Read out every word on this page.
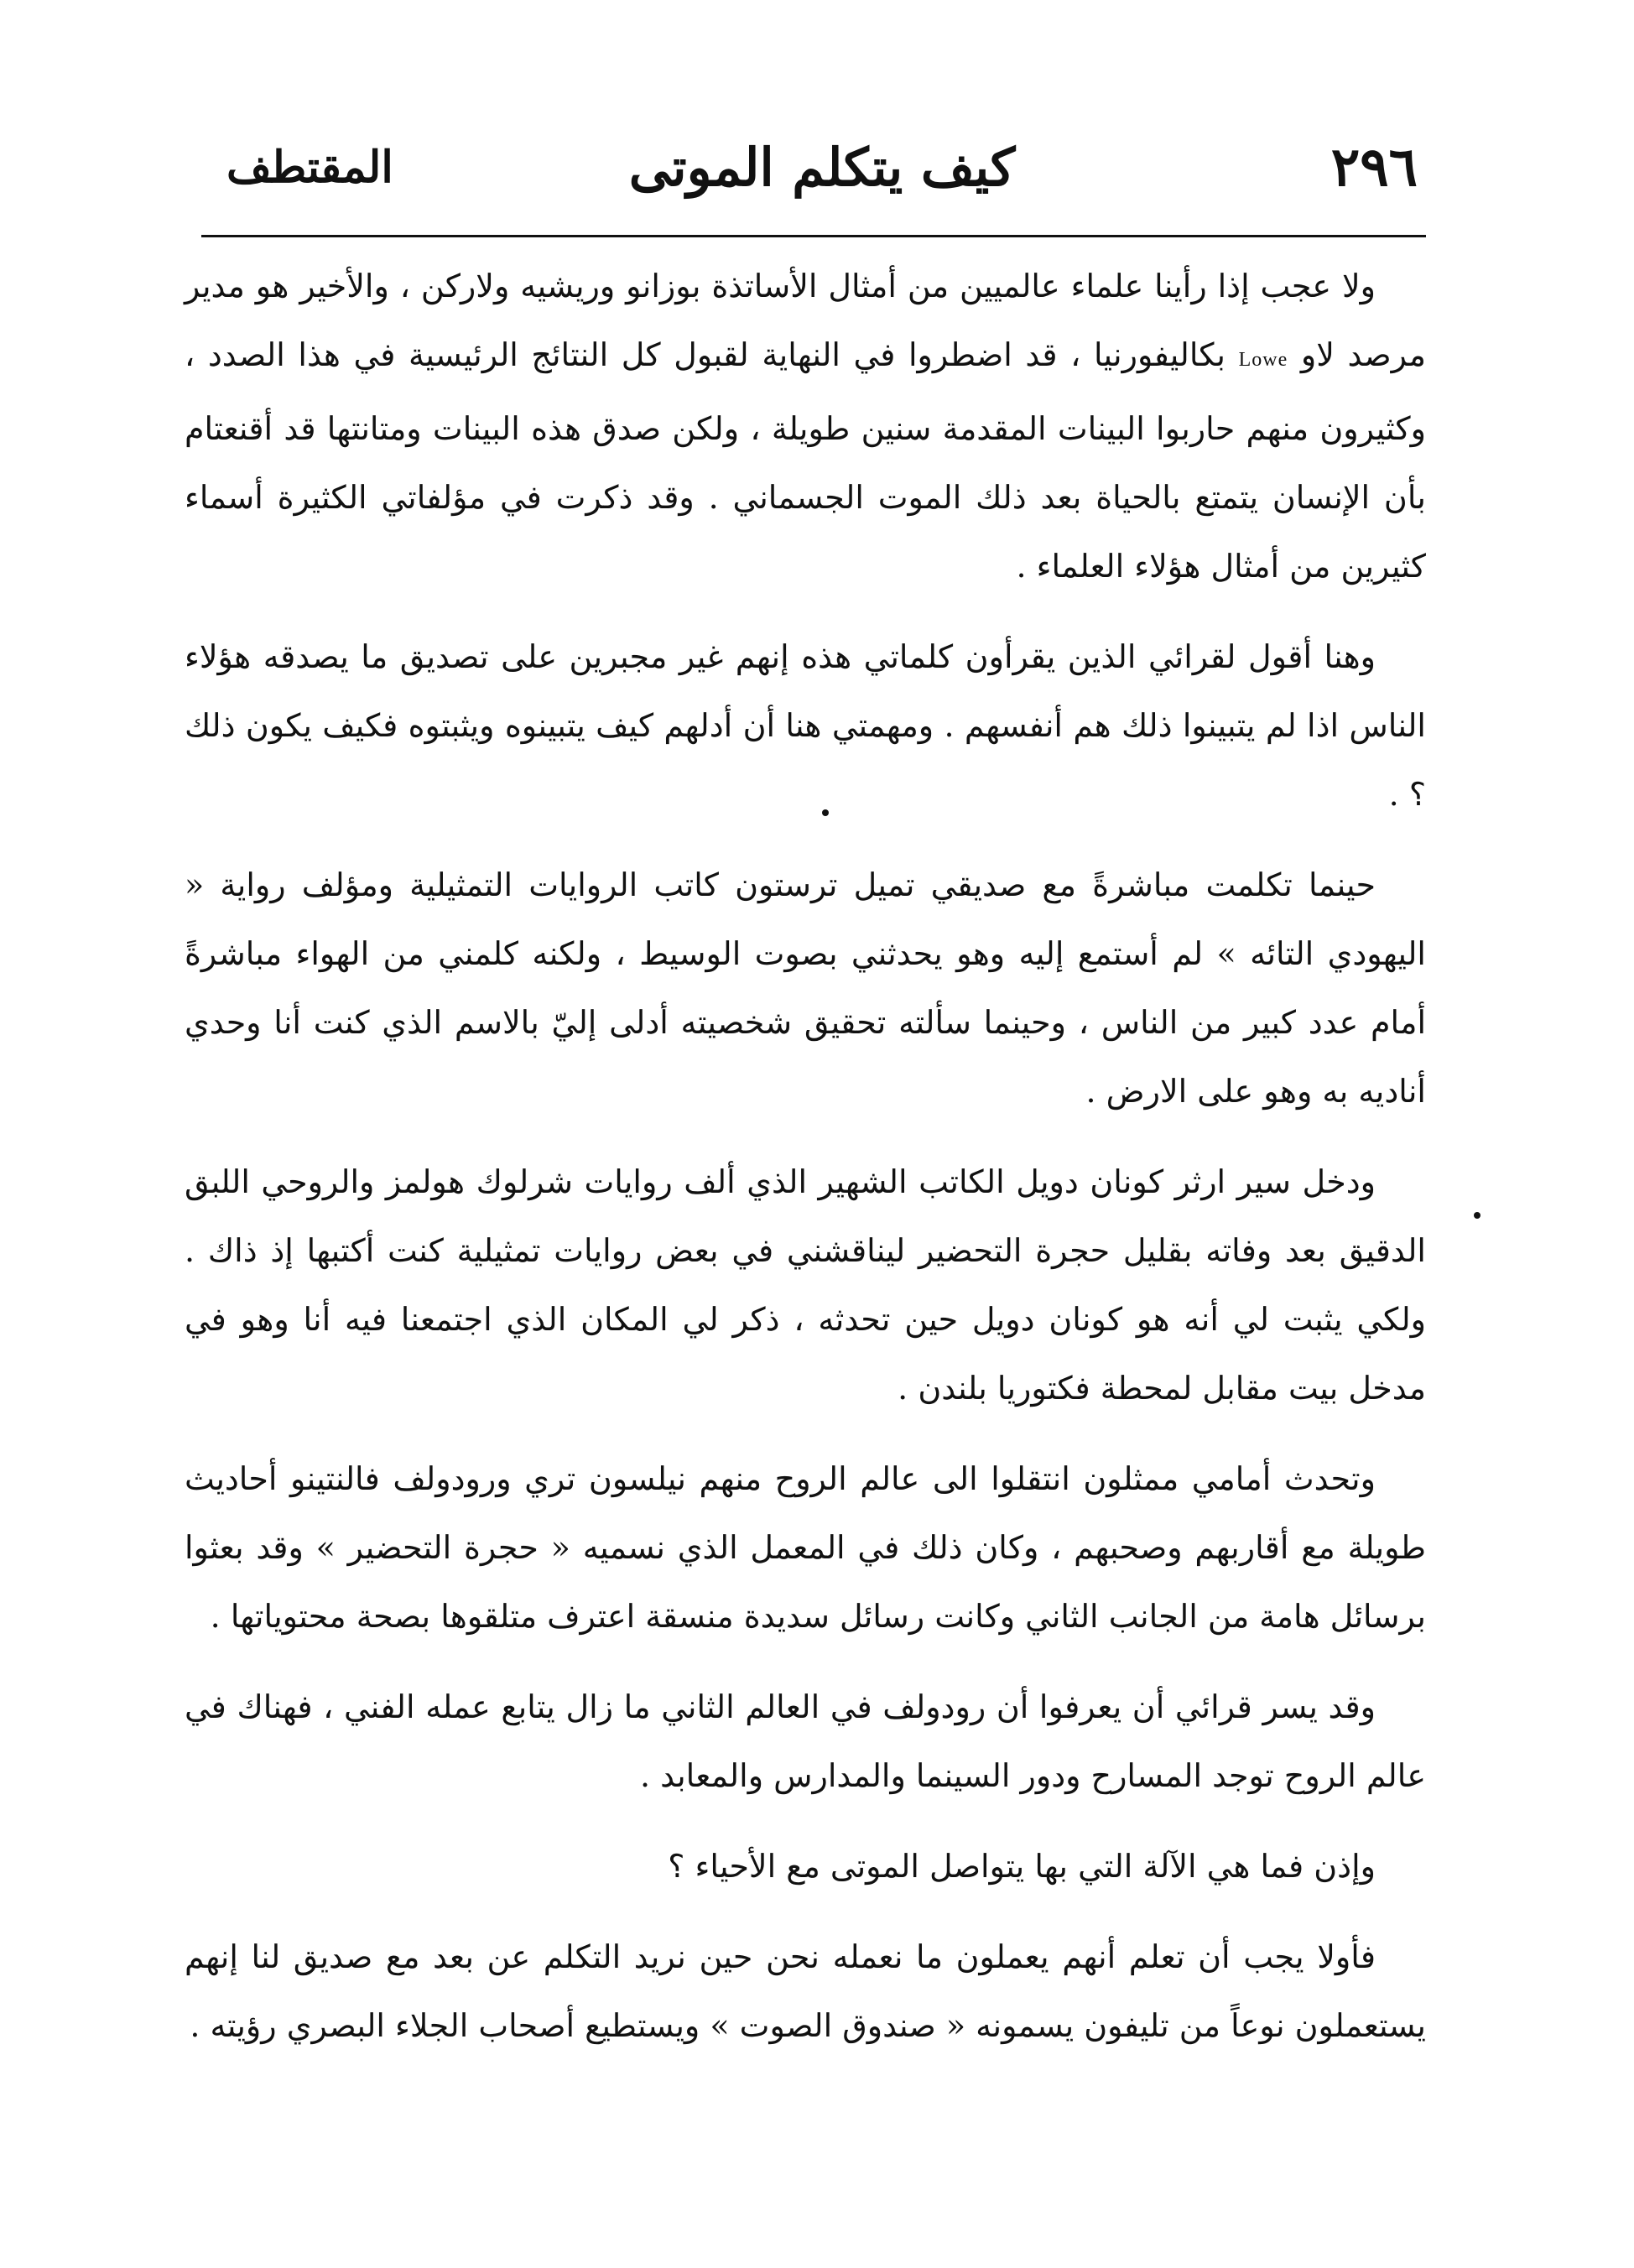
٢٩٦
كيف يتكلم الموتى
المقتطف

ولا عجب إذا رأينا علماء عالميين من أمثال الأساتذة بوزانو وريشيه ولاركن ، والأخير هو مدير مرصد لاو Lowe بكاليفورنيا ، قد اضطروا في النهاية لقبول كل النتائج الرئيسية في هذا الصدد ، وكثيرون منهم حاربوا البينات المقدمة سنين طويلة ، ولكن صدق هذه البينات ومتانتها قد أقنعتام بأن الإنسان يتمتع بالحياة بعد ذلك الموت الجسماني . وقد ذكرت في مؤلفاتي الكثيرة أسماء كثيرين من أمثال هؤلاء العلماء .

وهنا أقول لقرائي الذين يقرأون كلماتي هذه إنهم غير مجبرين على تصديق ما يصدقه هؤلاء الناس اذا لم يتبينوا ذلك هم أنفسهم . ومهمتي هنا أن أدلهم كيف يتبينوه ويثبتوه فكيف يكون ذلك ؟ .

حينما تكلمت مباشرةً مع صديقي تميل ترستون كاتب الروايات التمثيلية ومؤلف رواية « اليهودي التائه » لم أستمع إليه وهو يحدثني بصوت الوسيط ، ولكنه كلمني من الهواء مباشرةً أمام عدد كبير من الناس ، وحينما سألته تحقيق شخصيته أدلى إليّ بالاسم الذي كنت أنا وحدي أناديه به وهو على الارض .

ودخل سير ارثر كونان دويل الكاتب الشهير الذي ألف روايات شرلوك هولمز والروحي اللبق الدقيق بعد وفاته بقليل حجرة التحضير ليناقشني في بعض روايات تمثيلية كنت أكتبها إذ ذاك . ولكي يثبت لي أنه هو كونان دويل حين تحدثه ، ذكر لي المكان الذي اجتمعنا فيه أنا وهو في مدخل بيت مقابل لمحطة فكتوريا بلندن .

وتحدث أمامي ممثلون انتقلوا الى عالم الروح منهم نيلسون تري ورودولف فالنتينو أحاديث طويلة مع أقاربهم وصحبهم ، وكان ذلك في المعمل الذي نسميه « حجرة التحضير » وقد بعثوا برسائل هامة من الجانب الثاني وكانت رسائل سديدة منسقة اعترف متلقوها بصحة محتوياتها .

وقد يسر قرائي أن يعرفوا أن رودولف في العالم الثاني ما زال يتابع عمله الفني ، فهناك في عالم الروح توجد المسارح ودور السينما والمدارس والمعابد .

وإذن فما هي الآلة التي بها يتواصل الموتى مع الأحياء ؟

فأولا يجب أن تعلم أنهم يعملون ما نعمله نحن حين نريد التكلم عن بعد مع صديق لنا إنهم يستعملون نوعاً من تليفون يسمونه « صندوق الصوت » ويستطيع أصحاب الجلاء البصري رؤيته .
